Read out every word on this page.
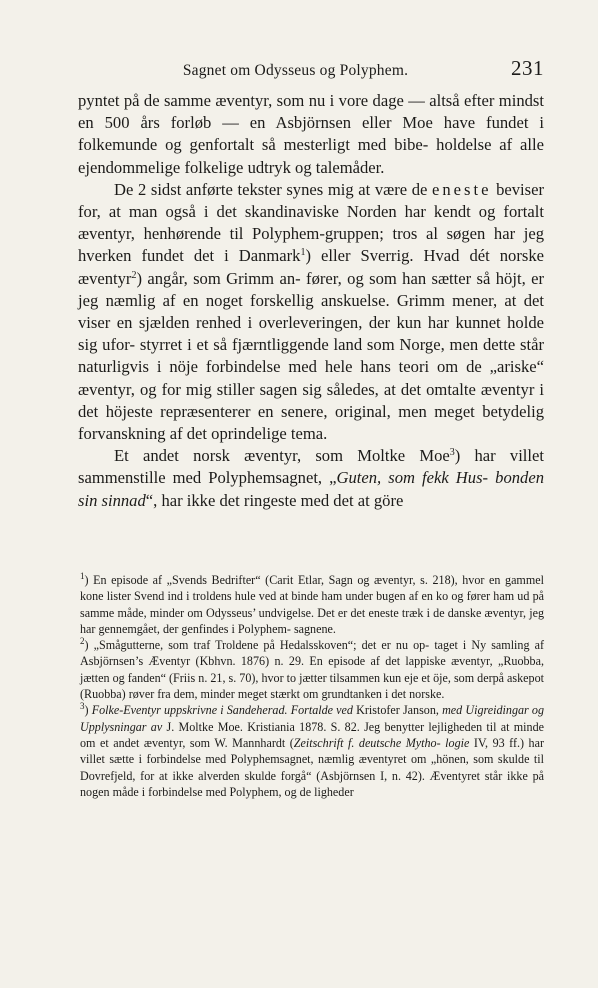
Sagnet om Odysseus og Polyphem.	231

pyntet på de samme æventyr, som nu i vore dage — altså efter mindst en 500 års forløb — en Asbjörnsen eller Moe have fundet i folkemunde og genfortalt så mesterligt med bibe- holdelse af alle ejendommelige folkelige udtryk og talemåder.

De 2 sidst anførte tekster synes mig at være de eneste beviser for, at man også i det skandinaviske Norden har kendt og fortalt æventyr, henhørende til Polyphem-gruppen; tros al søgen har jeg hverken fundet det i Danmark$^1$) eller Sverrig. Hvad dét norske æventyr$^2$) angår, som Grimm an- fører, og som han sætter så höjt, er jeg næmlig af en noget forskellig anskuelse. Grimm mener, at det viser en sjælden renhed i overleveringen, der kun har kunnet holde sig ufor- styrret i et så fjærntliggende land som Norge, men dette står naturligvis i nöje forbindelse med hele hans teori om de „ariske“ æventyr, og for mig stiller sagen sig således, at det omtalte æventyr i det höjeste repræsenterer en senere, original, men meget betydelig forvanskning af det oprindelige tema.

Et andet norsk æventyr, som Moltke Moe$^3$) har villet sammenstille med Polyphemsagnet, „Guten, som fekk Hus- bonden sin sinnad“, har ikke det ringeste med det at göre

$^1$) En episode af „Svends Bedrifter“ (Carit Etlar, Sagn og æventyr, s. 218), hvor en gammel kone lister Svend ind i troldens hule ved at binde ham under bugen af en ko og fører ham ud på samme måde, minder om Odysseus’ undvigelse. Det er det eneste træk i de danske æventyr, jeg har gennemgået, der genfindes i Polyphem- sagnene.
$^2$) „Smågutterne, som traf Troldene på Hedalsskoven“; det er nu op- taget i Ny samling af Asbjörnsen’s Æventyr (Kbhvn. 1876) n. 29. En episode af det lappiske æventyr, „Ruobba, jætten og fanden“ (Friis n. 21, s. 70), hvor to jætter tilsammen kun eje et öje, som derpå askepot (Ruobba) røver fra dem, minder meget stærkt om grundtanken i det norske.
$^3$) Folke-Eventyr uppskrivne i Sandeherad. Fortalde ved Kristofer Janson, med Uigreidingar og Upplysningar av J. Moltke Moe. Kristiania 1878. S. 82. Jeg benytter lejligheden til at minde om et andet æventyr, som W. Mannhardt (Zeitschrift f. deutsche Mytho- logie IV, 93 ff.) har villet sætte i forbindelse med Polyphemsagnet, næmlig æventyret om „hönen, som skulde til Dovrefjeld, for at ikke alverden skulde forgå“ (Asbjörnsen I, n. 42). Æventyret står ikke på nogen måde i forbindelse med Polyphem, og de ligheder
